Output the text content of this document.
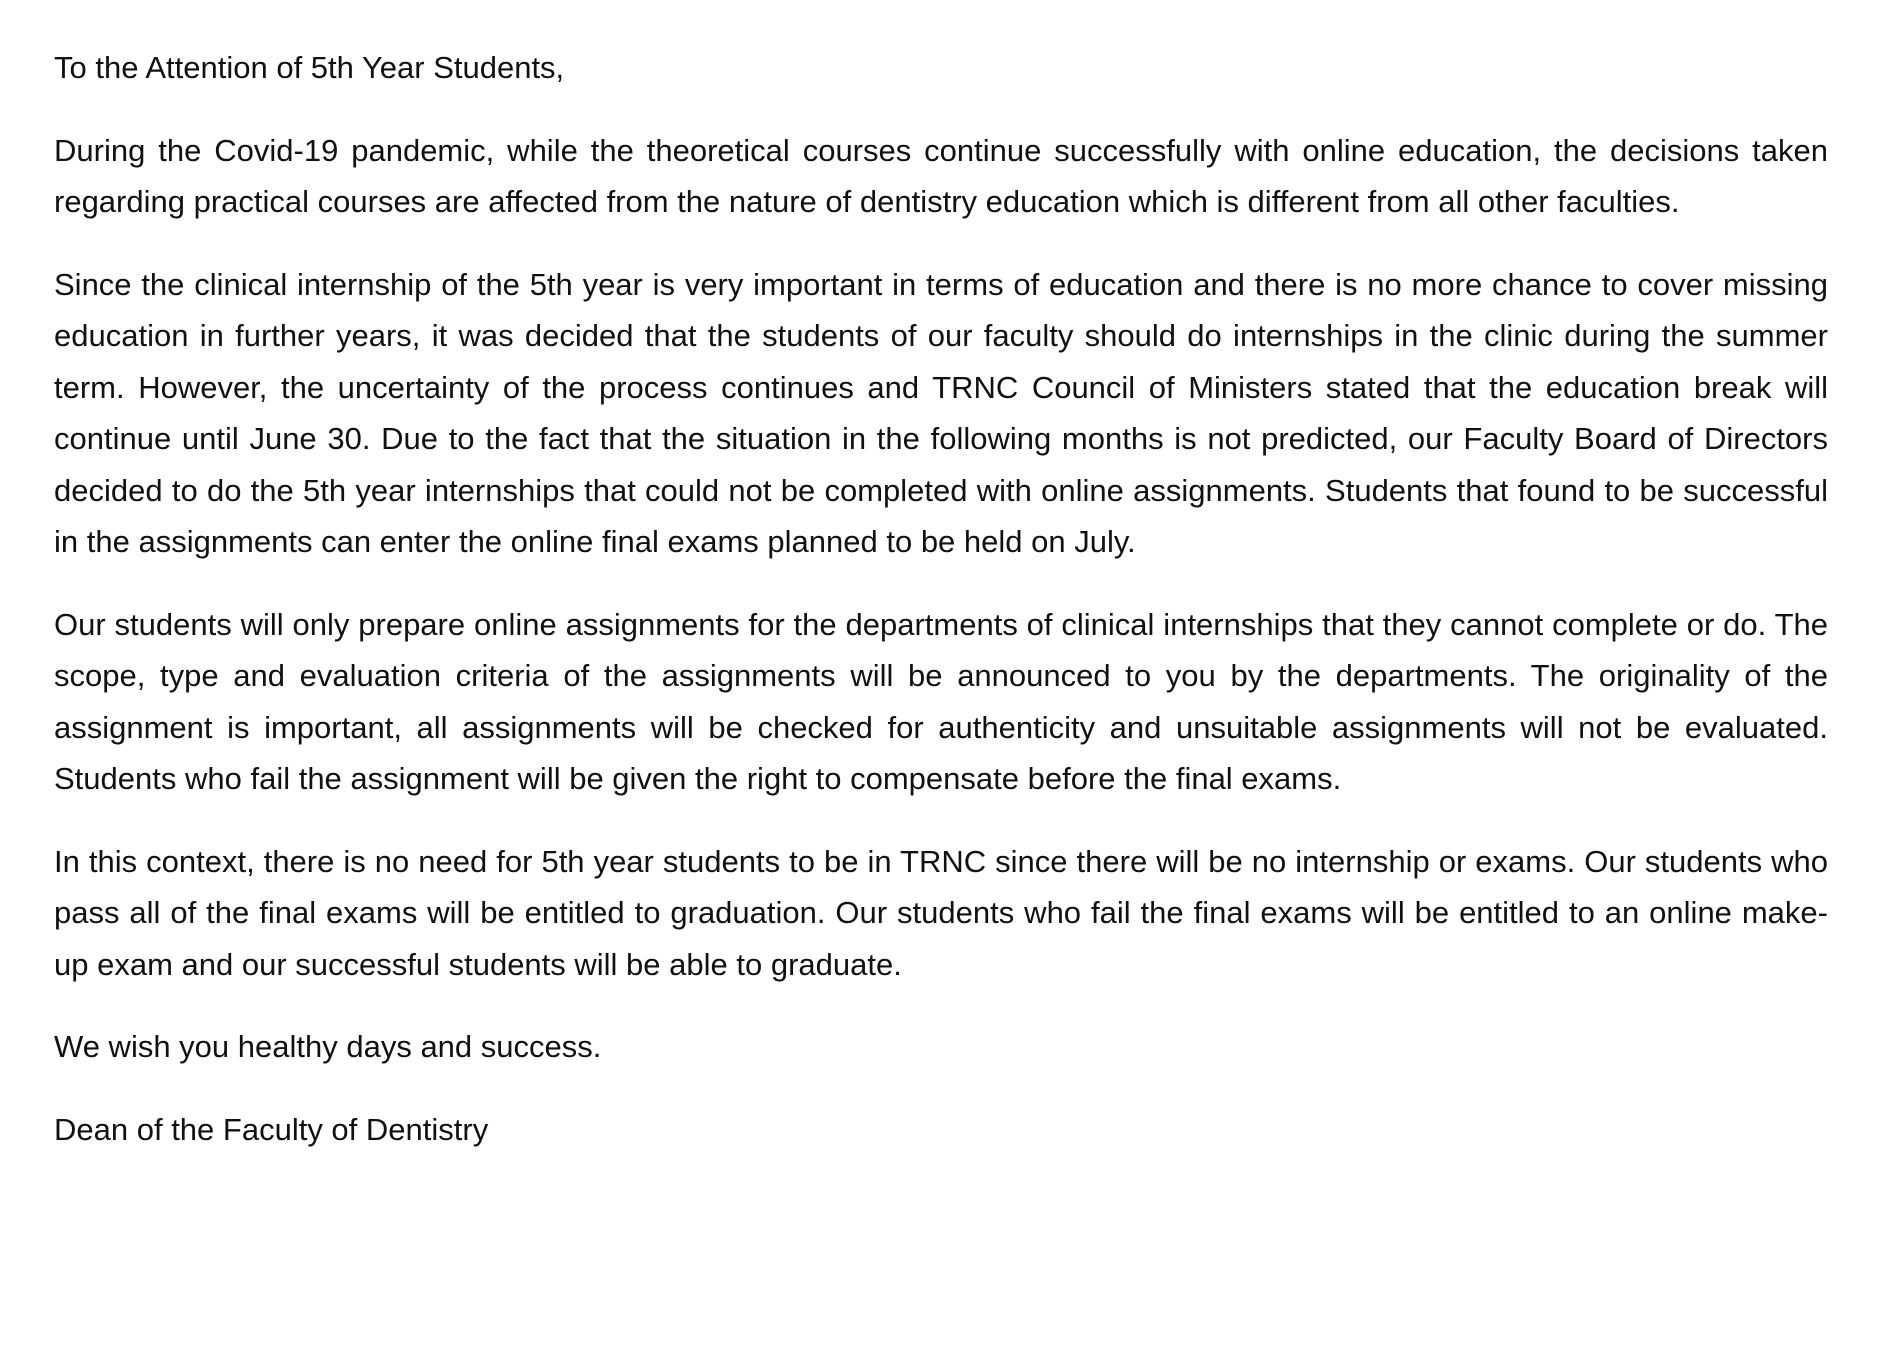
To the Attention of 5th Year Students,

During the Covid-19 pandemic, while the theoretical courses continue successfully with online education, the decisions taken regarding practical courses are affected from the nature of dentistry education which is different from all other faculties.

Since the clinical internship of the 5th year is very important in terms of education and there is no more chance to cover missing education in further years, it was decided that the students of our faculty should do internships in the clinic during the summer term. However, the uncertainty of the process continues and TRNC Council of Ministers stated that the education break will continue until June 30. Due to the fact that the situation in the following months is not predicted, our Faculty Board of Directors decided to do the 5th year internships that could not be completed with online assignments. Students that found to be successful in the assignments can enter the online final exams planned to be held on July.

Our students will only prepare online assignments for the departments of clinical internships that they cannot complete or do. The scope, type and evaluation criteria of the assignments will be announced to you by the departments. The originality of the assignment is important, all assignments will be checked for authenticity and unsuitable assignments will not be evaluated. Students who fail the assignment will be given the right to compensate before the final exams.

In this context, there is no need for 5th year students to be in TRNC since there will be no internship or exams. Our students who pass all of the final exams will be entitled to graduation. Our students who fail the final exams will be entitled to an online make-up exam and our successful students will be able to graduate.

We wish you healthy days and success.

Dean of the Faculty of Dentistry
